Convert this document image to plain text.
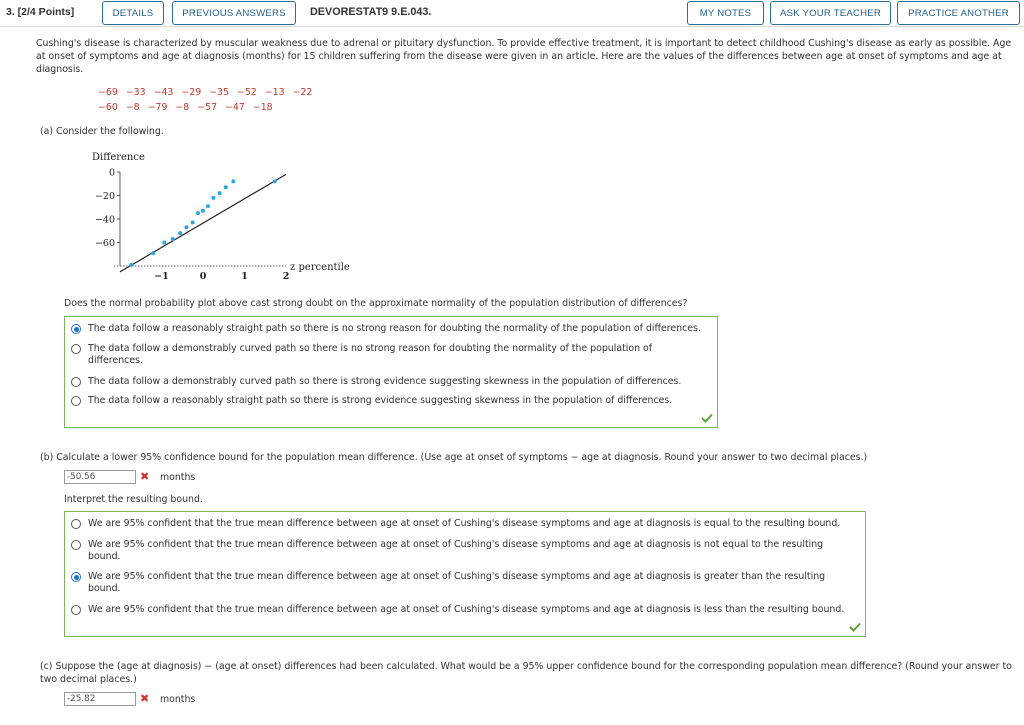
3. [2/4 Points]	DETAILS	PREVIOUS ANSWERS	DEVORESTAT9 9.E.043.	MY NOTES	ASK YOUR TEACHER	PRACTICE ANOTHER
Cushing's disease is characterized by muscular weakness due to adrenal or pituitary dysfunction. To provide effective treatment, it is important to detect childhood Cushing's disease as early as possible. Age at onset of symptoms and age at diagnosis (months) for 15 children suffering from the disease were given in an article. Here are the values of the differences between age at onset of symptoms and age at diagnosis.
−69 −33 −43 −29 −35 −52 −13 −22
−60 −8 −79 −8 −57 −47 −18
(a) Consider the following.
Difference
0
−20
−40
−60
−1	0	1	2
z percentile
Does the normal probability plot above cast strong doubt on the approximate normality of the population distribution of differences?
The data follow a reasonably straight path so there is no strong reason for doubting the normality of the population of differences.
The data follow a demonstrably curved path so there is no strong reason for doubting the normality of the population of differences.
The data follow a demonstrably curved path so there is strong evidence suggesting skewness in the population of differences.
The data follow a reasonably straight path so there is strong evidence suggesting skewness in the population of differences.
(b) Calculate a lower 95% confidence bound for the population mean difference. (Use age at onset of symptoms − age at diagnosis. Round your answer to two decimal places.)
-50.56	✖ months
Interpret the resulting bound.
We are 95% confident that the true mean difference between age at onset of Cushing's disease symptoms and age at diagnosis is equal to the resulting bound.
We are 95% confident that the true mean difference between age at onset of Cushing's disease symptoms and age at diagnosis is not equal to the resulting bound.
We are 95% confident that the true mean difference between age at onset of Cushing's disease symptoms and age at diagnosis is greater than the resulting bound.
We are 95% confident that the true mean difference between age at onset of Cushing's disease symptoms and age at diagnosis is less than the resulting bound.
(c) Suppose the (age at diagnosis) − (age at onset) differences had been calculated. What would be a 95% upper confidence bound for the corresponding population mean difference? (Round your answer to two decimal places.)
-25.82	✖ months
